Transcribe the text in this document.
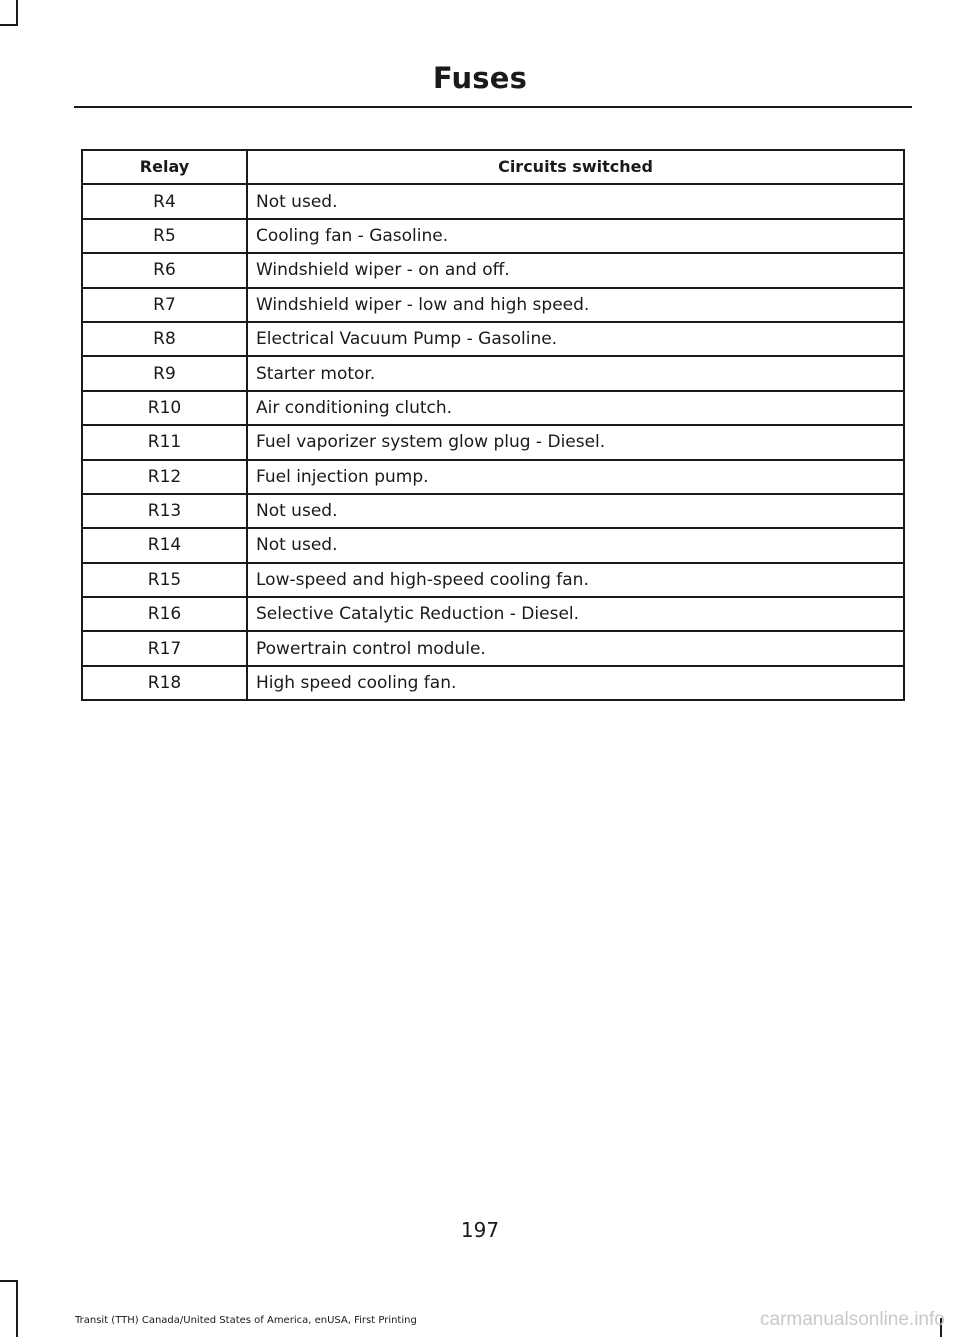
Fuses
Relay	Circuits switched
R4	Not used.
R5	Cooling fan - Gasoline.
R6	Windshield wiper - on and off.
R7	Windshield wiper - low and high speed.
R8	Electrical Vacuum Pump - Gasoline.
R9	Starter motor.
R10	Air conditioning clutch.
R11	Fuel vaporizer system glow plug - Diesel.
R12	Fuel injection pump.
R13	Not used.
R14	Not used.
R15	Low-speed and high-speed cooling fan.
R16	Selective Catalytic Reduction - Diesel.
R17	Powertrain control module.
R18	High speed cooling fan.
197
Transit (TTH) Canada/United States of America, enUSA, First Printing	carmanualsonline.info
